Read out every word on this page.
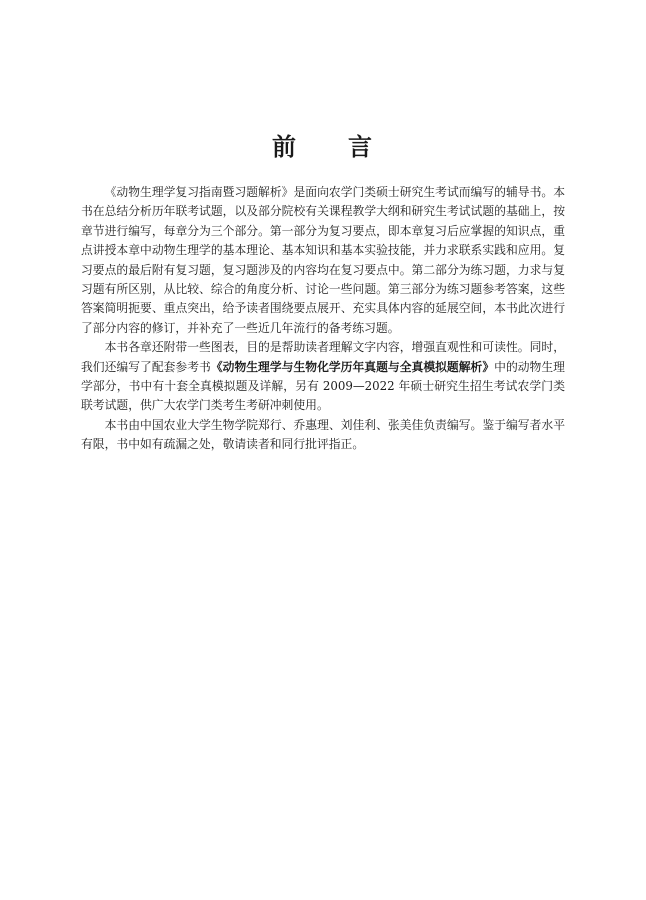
前 言

《动物生理学复习指南暨习题解析》是面向农学门类硕士研究生考试而编写的辅导书。本书在总结分析历年联考试题，以及部分院校有关课程教学大纲和研究生考试试题的基础上，按章节进行编写，每章分为三个部分。第一部分为复习要点，即本章复习后应掌握的知识点，重点讲授本章中动物生理学的基本理论、基本知识和基本实验技能，并力求联系实践和应用。复习要点的最后附有复习题，复习题涉及的内容均在复习要点中。第二部分为练习题，力求与复习题有所区别，从比较、综合的角度分析、讨论一些问题。第三部分为练习题参考答案，这些答案简明扼要、重点突出，给予读者围绕要点展开、充实具体内容的延展空间，本书此次进行了部分内容的修订，并补充了一些近几年流行的备考练习题。

本书各章还附带一些图表，目的是帮助读者理解文字内容，增强直观性和可读性。同时，我们还编写了配套参考书《动物生理学与生物化学历年真题与全真模拟题解析》中的动物生理学部分，书中有十套全真模拟题及详解，另有 2009—2022 年硕士研究生招生考试农学门类联考试题，供广大农学门类考生考研冲刺使用。

本书由中国农业大学生物学院郑行、乔惠理、刘佳利、张美佳负责编写。鉴于编写者水平有限，书中如有疏漏之处，敬请读者和同行批评指正。
